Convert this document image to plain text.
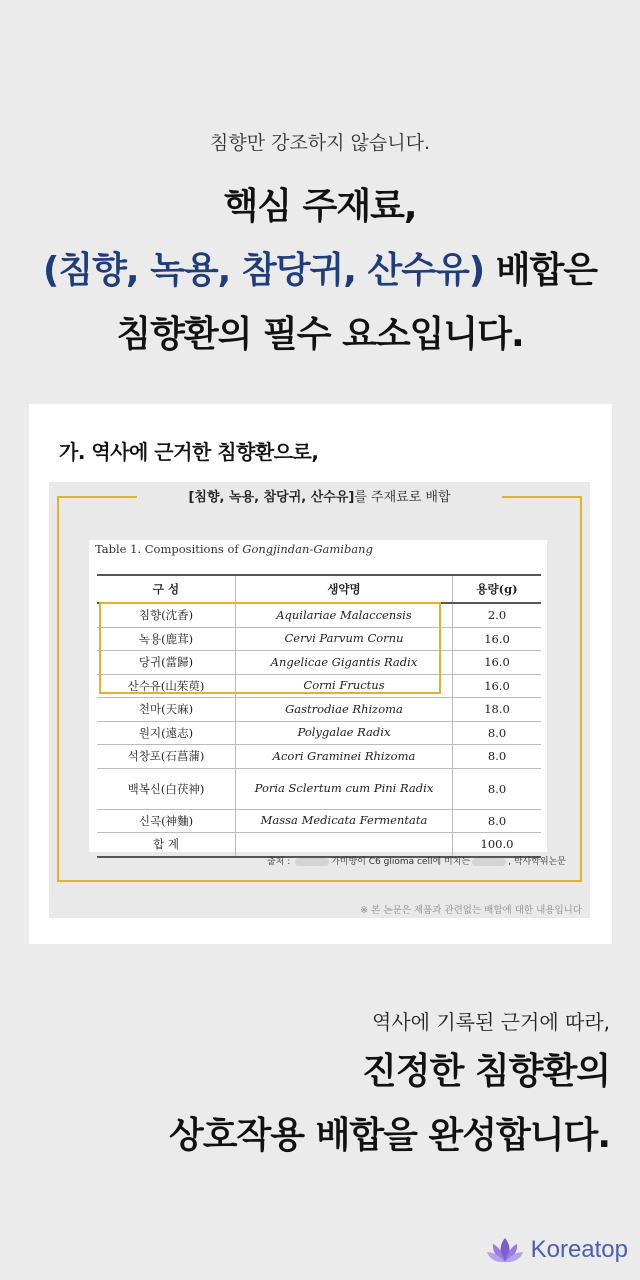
침향만 강조하지 않습니다.
핵심 주재료,
(침향, 녹용, 참당귀, 산수유) 배합은
침향환의 필수 요소입니다.
가. 역사에 근거한 침향환으로,
[침향, 녹용, 참당귀, 산수유]를 주재료로 배합
Table 1. Compositions of Gongjindan-Gamibang
구 성	생약명	용량(g)
침향(沈香)	Aquilariae Malaccensis	2.0
녹용(鹿茸)	Cervi Parvum Cornu	16.0
당귀(當歸)	Angelicae Gigantis Radix	16.0
산수유(山茱萸)	Corni Fructus	16.0
천마(天麻)	Gastrodiae Rhizoma	18.0
원지(遠志)	Polygalae Radix	8.0
석창포(石菖蒲)	Acori Graminei Rhizoma	8.0
백복신(白茯神)	Poria Sclertum cum Pini Radix	8.0
신곡(神麯)	Massa Medicata Fermentata	8.0
합 계		100.0
출처 :	가미방이 C6 glioma cell에 미치는	, 박사학위논문
※ 본 논문은 제품과 관련없는 배합에 대한 내용입니다
역사에 기록된 근거에 따라,
진정한 침향환의
상호작용 배합을 완성합니다.
Koreatop
